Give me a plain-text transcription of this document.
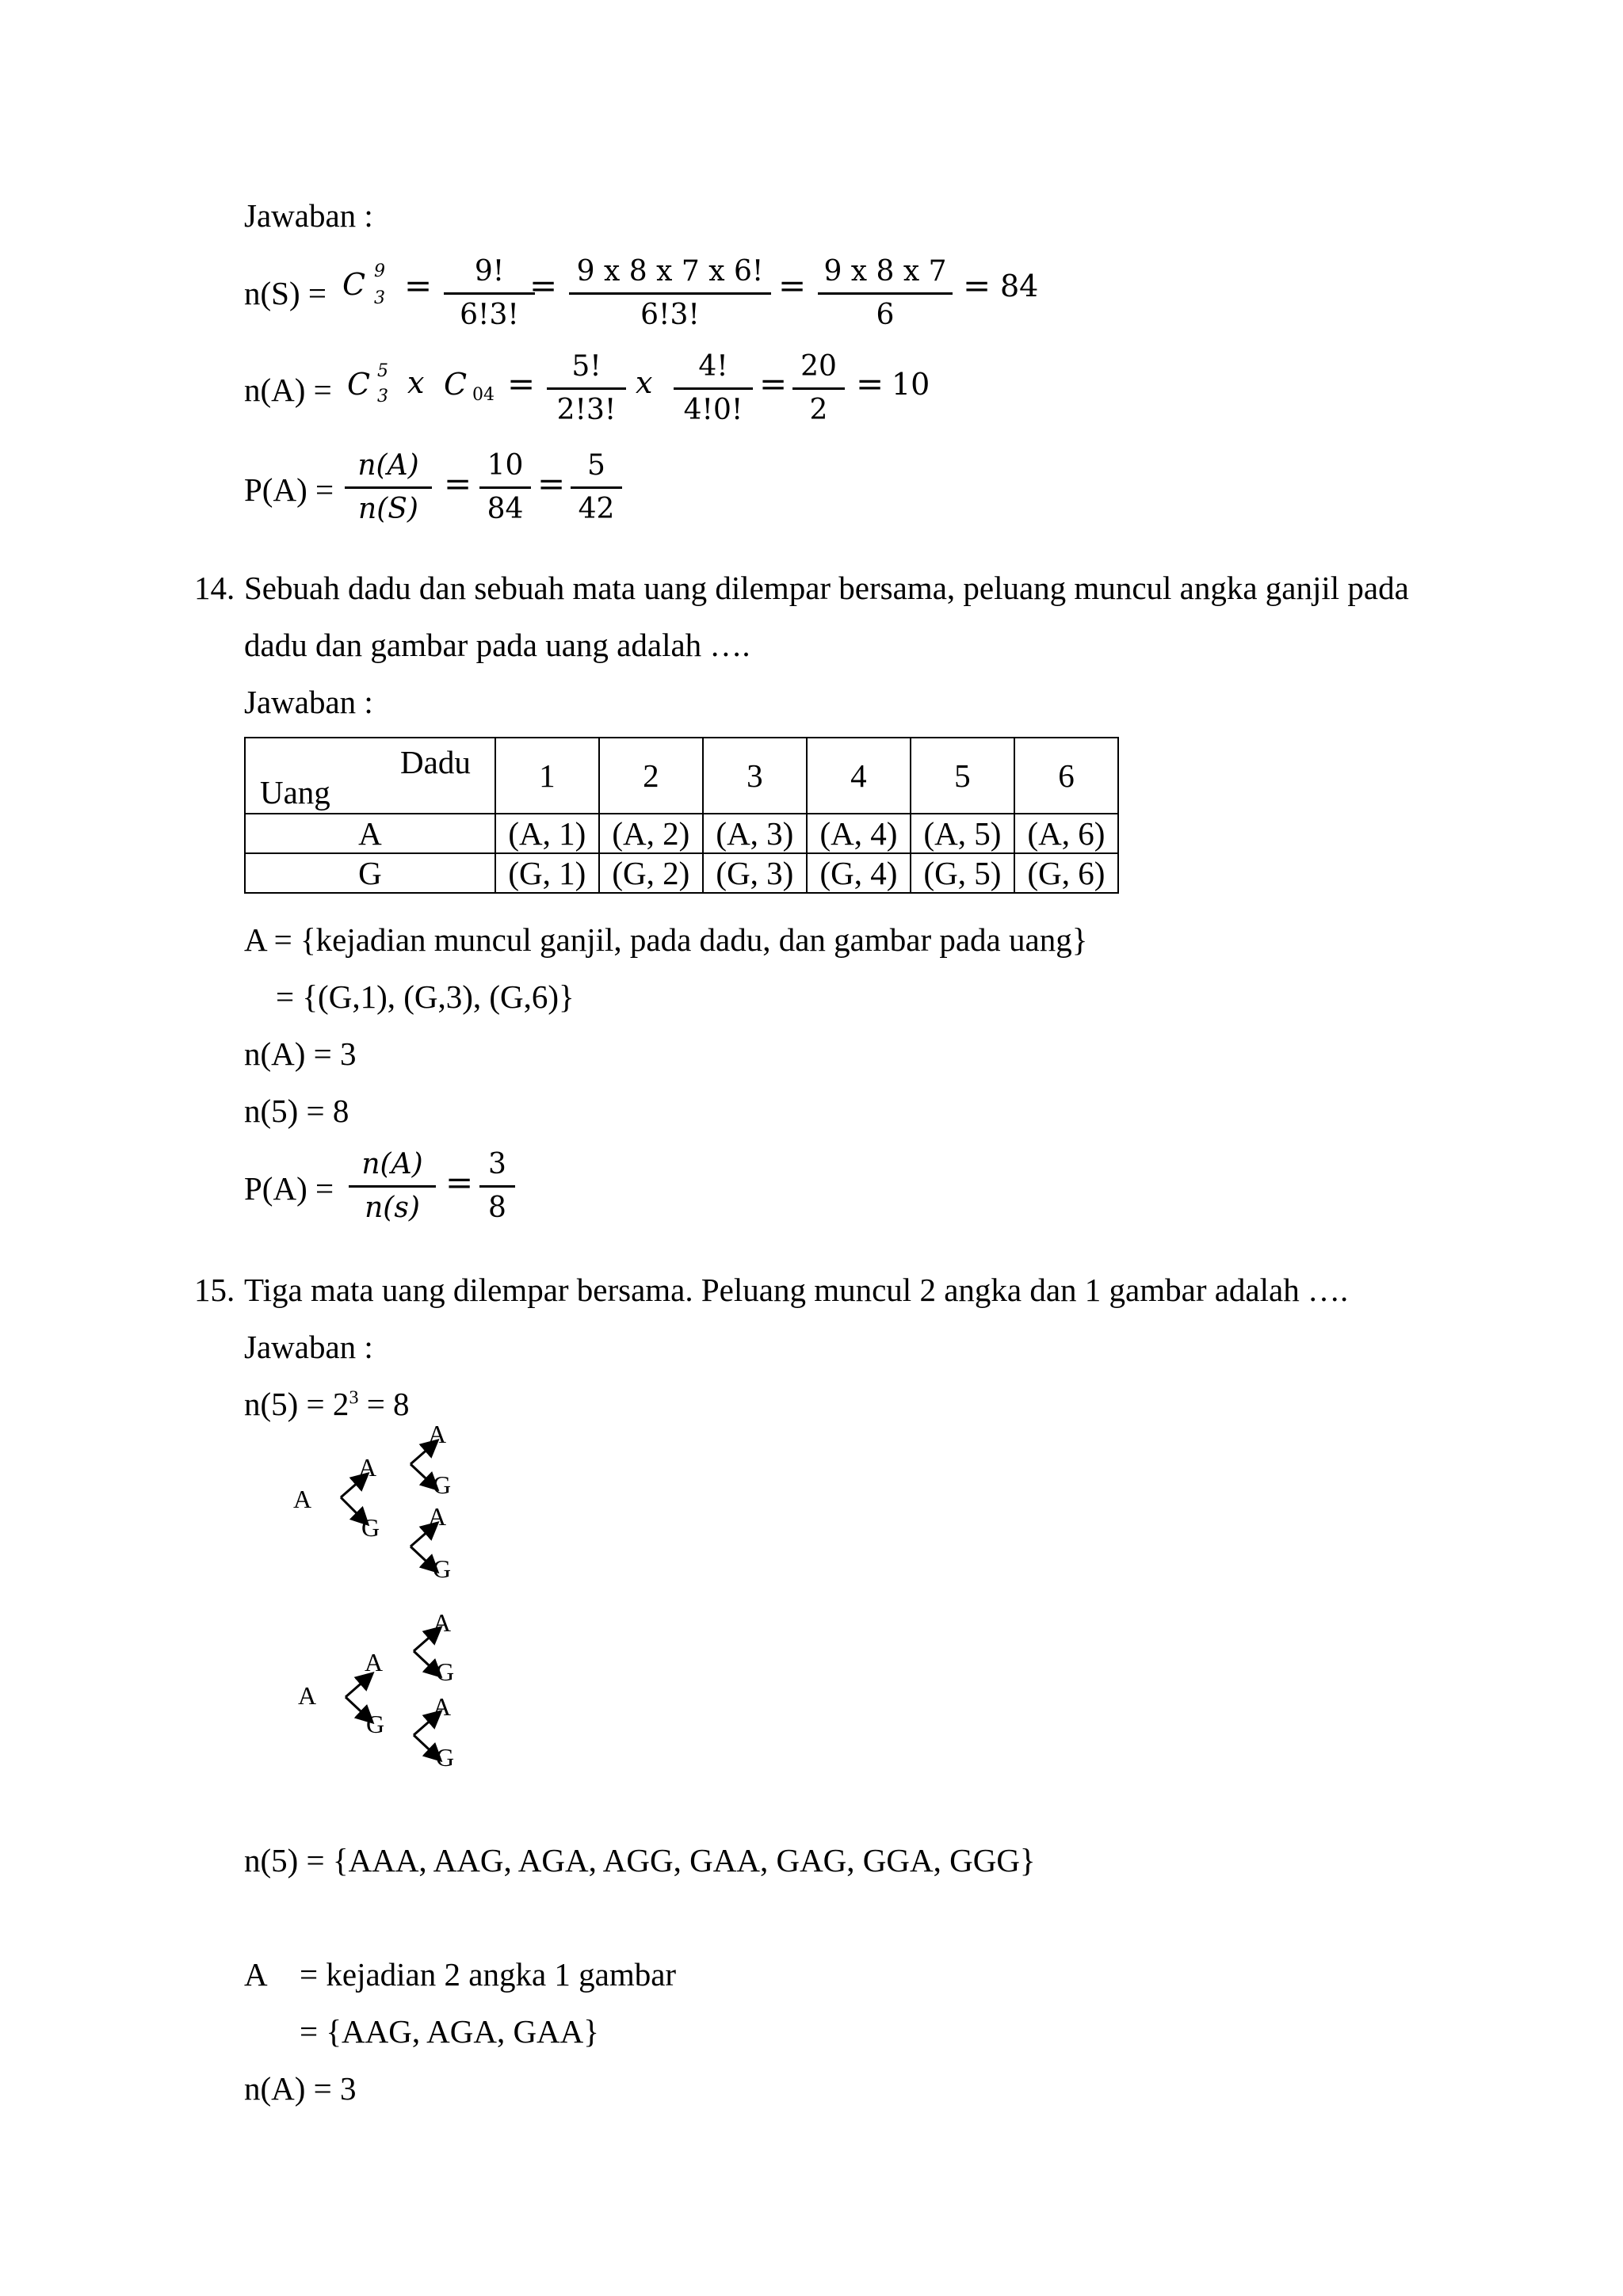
Jawaban :
n(S) = C 9
$3 = \frac{9!}{6!3!}$
= $\frac{9 x 8 x 7 x 6!}{6!3!} = \frac{9 x 8 x 7}{6} = 84$
n(A) = C 5
3 x C $04 = \frac{5!}{2!3!}$ x $\frac{4!}{4!0!} = \frac{20}{2} = 10$
$P(A) = \frac{n(A)}{n(S)} = \frac{10}{84} = \frac{5}{42}$
14. Sebuah dadu dan sebuah mata uang dilempar bersama, peluang muncul angka ganjil pada
dadu dan gambar pada uang adalah ….
Jawaban :
Dadu
Uang	1	2	3	4	5	6
A	(A, 1)	(A, 2)	(A, 3)	(A, 4)	(A, 5)	(A, 6)
G	(G, 1)	(G, 2)	(G, 3)	(G, 4)	(G, 5)	(G, 6)
A = {kejadian muncul ganjil, pada dadu, dan gambar pada uang}
= {(G,1), (G,3), (G,6)}
n(A) = 3
n(5) = 8
$P(A) = \frac{n(A)}{n(s)} = \frac{3}{8}$
15. Tiga mata uang dilempar bersama. Peluang muncul 2 angka dan 1 gambar adalah ….
Jawaban :
$n(5) = 2^3 = 8$
A
A
G
A
G
A
G
A
A
G
A
G
A
G
n(5) = {AAA, AAG, AGA, AGG, GAA, GAG, GGA, GGG}
A = kejadian 2 angka 1 gambar
= {AAG, AGA, GAA}
n(A) = 3
